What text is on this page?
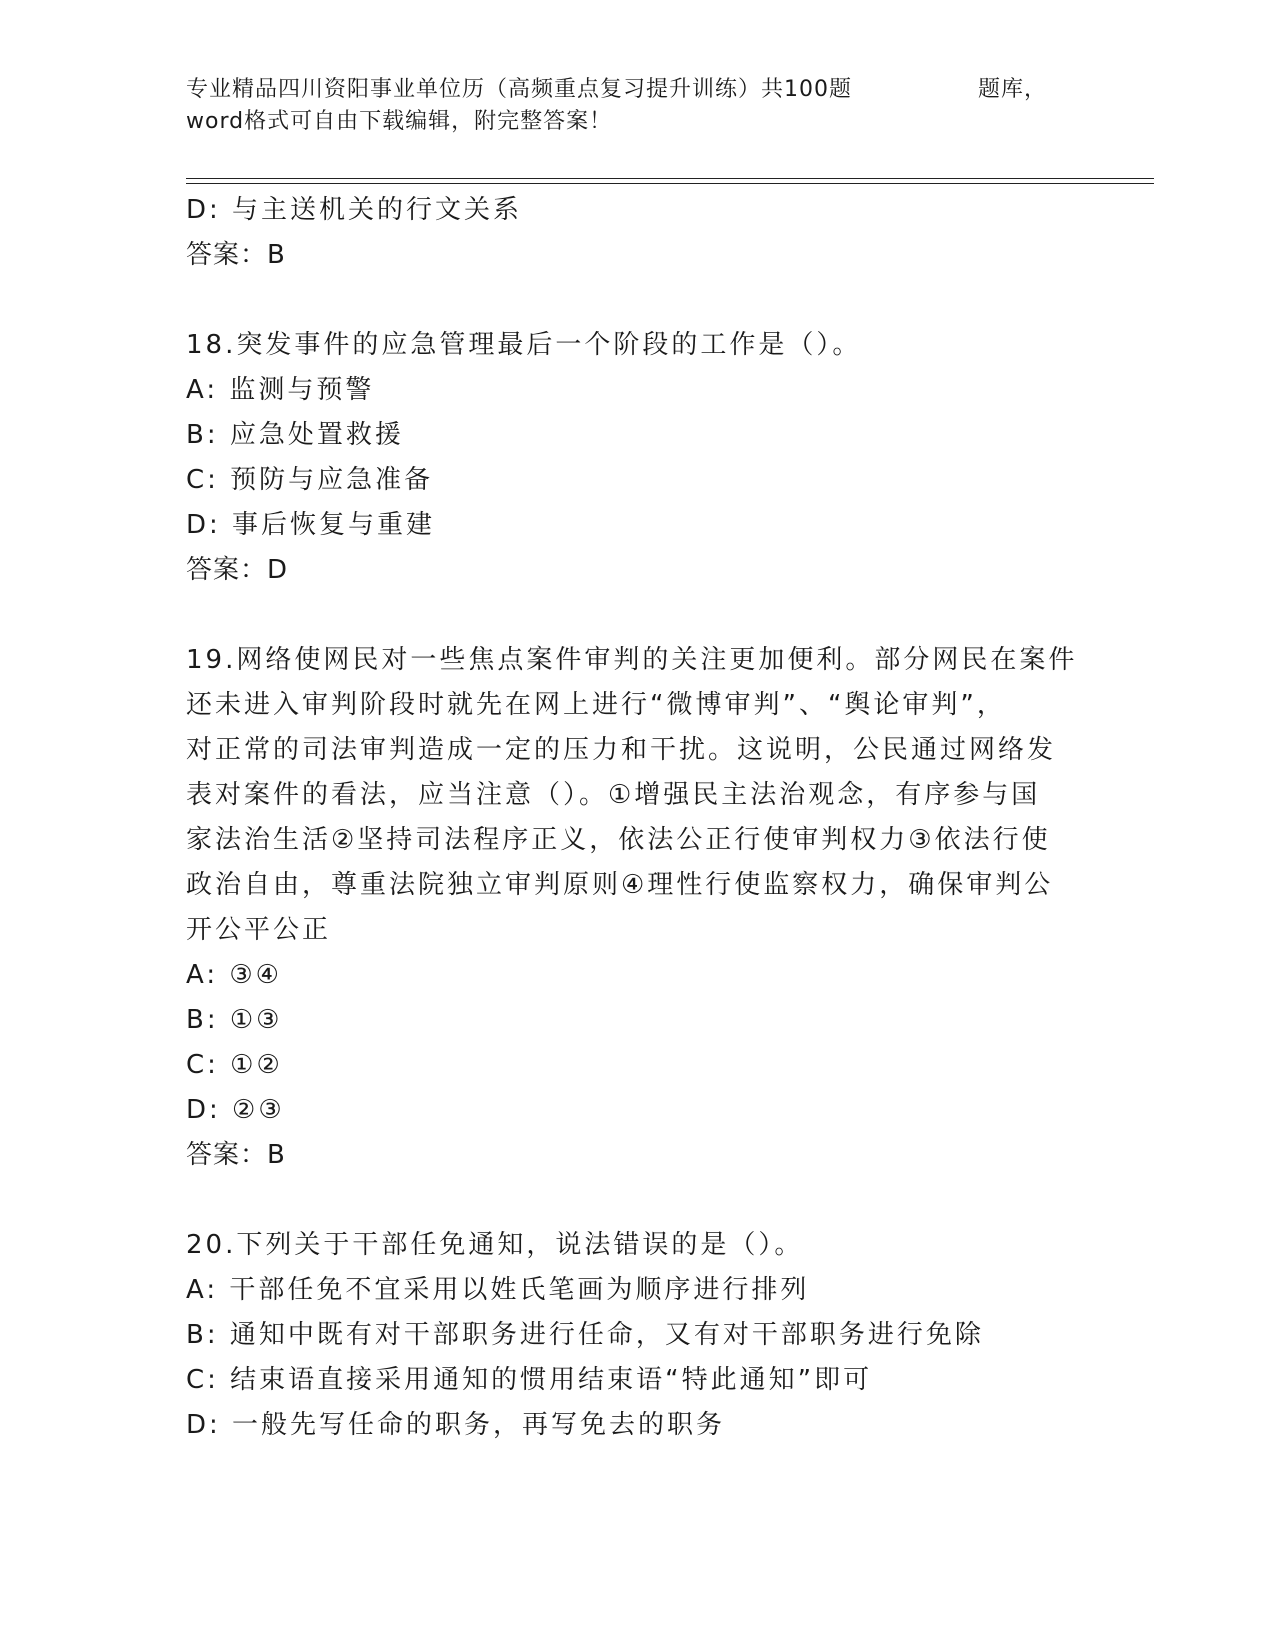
专业精品四川资阳事业单位历（高频重点复习提升训练）共100题	题库，
word格式可自由下载编辑，附完整答案！
D: 与主送机关的行文关系
答案：B
18.突发事件的应急管理最后一个阶段的工作是（）。
A: 监测与预警
B: 应急处置救援
C: 预防与应急准备
D: 事后恢复与重建
答案：D
19.网络使网民对一些焦点案件审判的关注更加便利。部分网民在案件
还未进入审判阶段时就先在网上进行“微博审判”、“舆论审判”，
对正常的司法审判造成一定的压力和干扰。这说明，公民通过网络发
表对案件的看法，应当注意（）。①增强民主法治观念，有序参与国
家法治生活②坚持司法程序正义，依法公正行使审判权力③依法行使
政治自由，尊重法院独立审判原则④理性行使监察权力，确保审判公
开公平公正
A: ③④
B: ①③
C: ①②
D: ②③
答案：B
20.下列关于干部任免通知，说法错误的是（）。
A: 干部任免不宜采用以姓氏笔画为顺序进行排列
B: 通知中既有对干部职务进行任命，又有对干部职务进行免除
C: 结束语直接采用通知的惯用结束语“特此通知”即可
D: 一般先写任命的职务，再写免去的职务
